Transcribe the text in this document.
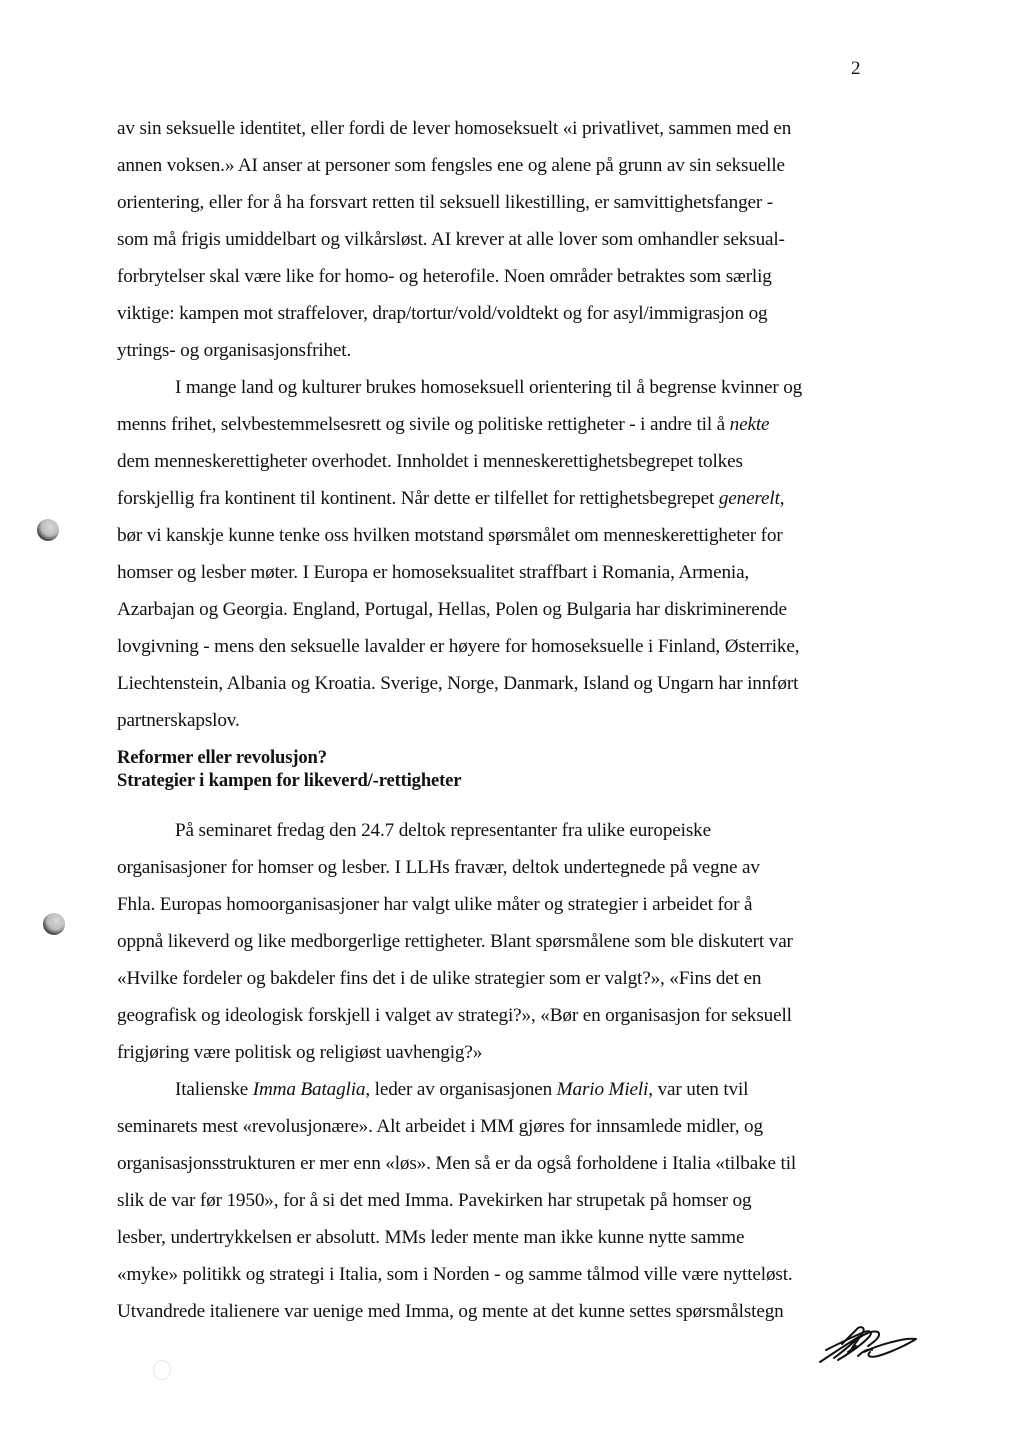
2
av sin seksuelle identitet, eller fordi de lever homoseksuelt «i privatlivet, sammen med en
annen voksen.» AI anser at personer som fengsles ene og alene på grunn av sin seksuelle
orientering, eller for å ha forsvart retten til seksuell likestilling, er samvittighetsfanger -
som må frigis umiddelbart og vilkårsløst. AI krever at alle lover som omhandler seksual-
forbrytelser skal være like for homo- og heterofile. Noen områder betraktes som særlig
viktige: kampen mot straffelover, drap/tortur/vold/voldtekt og for asyl/immigrasjon og
ytrings- og organisasjonsfrihet.
I mange land og kulturer brukes homoseksuell orientering til å begrense kvinner og
menns frihet, selvbestemmelsesrett og sivile og politiske rettigheter - i andre til å nekte
dem menneskerettigheter overhodet. Innholdet i menneskerettighetsbegrepet tolkes
forskjellig fra kontinent til kontinent. Når dette er tilfellet for rettighetsbegrepet generelt,
bør vi kanskje kunne tenke oss hvilken motstand spørsmålet om menneskerettigheter for
homser og lesber møter. I Europa er homoseksualitet straffbart i Romania, Armenia,
Azarbajan og Georgia. England, Portugal, Hellas, Polen og Bulgaria har diskriminerende
lovgivning - mens den seksuelle lavalder er høyere for homoseksuelle i Finland, Østerrike,
Liechtenstein, Albania og Kroatia. Sverige, Norge, Danmark, Island og Ungarn har innført
partnerskapslov.
Reformer eller revolusjon?
Strategier i kampen for likeverd/-rettigheter
På seminaret fredag den 24.7 deltok representanter fra ulike europeiske
organisasjoner for homser og lesber. I LLHs fravær, deltok undertegnede på vegne av
Fhla. Europas homoorganisasjoner har valgt ulike måter og strategier i arbeidet for å
oppnå likeverd og like medborgerlige rettigheter. Blant spørsmålene som ble diskutert var
«Hvilke fordeler og bakdeler fins det i de ulike strategier som er valgt?», «Fins det en
geografisk og ideologisk forskjell i valget av strategi?», «Bør en organisasjon for seksuell
frigjøring være politisk og religiøst uavhengig?»
Italienske Imma Bataglia, leder av organisasjonen Mario Mieli, var uten tvil
seminarets mest «revolusjonære». Alt arbeidet i MM gjøres for innsamlede midler, og
organisasjonsstrukturen er mer enn «løs». Men så er da også forholdene i Italia «tilbake til
slik de var før 1950», for å si det med Imma. Pavekirken har strupetak på homser og
lesber, undertrykkelsen er absolutt. MMs leder mente man ikke kunne nytte samme
«myke» politikk og strategi i Italia, som i Norden - og samme tålmod ville være nytteløst.
Utvandrede italienere var uenige med Imma, og mente at det kunne settes spørsmålstegn
